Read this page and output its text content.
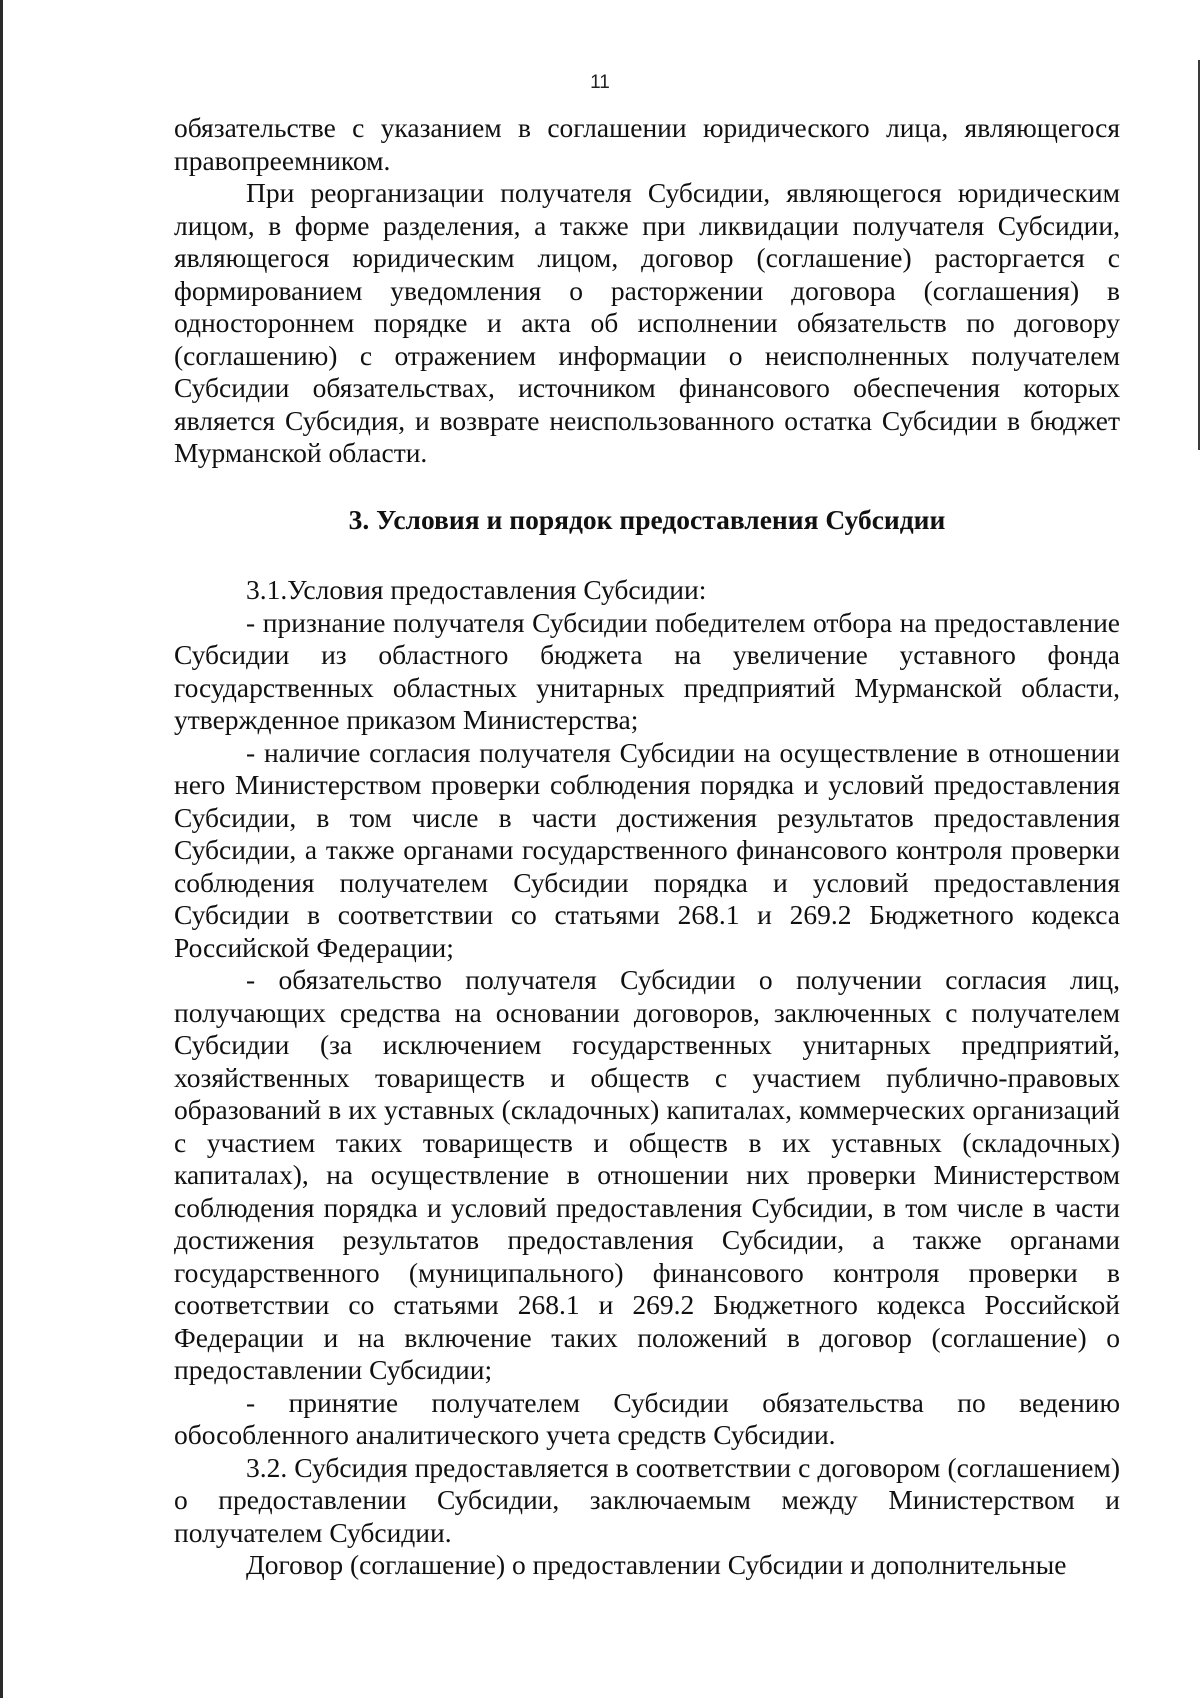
11

обязательстве с указанием в соглашении юридического лица, являющегося правопреемником.

При реорганизации получателя Субсидии, являющегося юридическим лицом, в форме разделения, а также при ликвидации получателя Субсидии, являющегося юридическим лицом, договор (соглашение) расторгается с формированием уведомления о расторжении договора (соглашения) в одностороннем порядке и акта об исполнении обязательств по договору (соглашению) с отражением информации о неисполненных получателем Субсидии обязательствах, источником финансового обеспечения которых является Субсидия, и возврате неиспользованного остатка Субсидии в бюджет Мурманской области.

3. Условия и порядок предоставления Субсидии

3.1.Условия предоставления Субсидии:

- признание получателя Субсидии победителем отбора на предоставление Субсидии из областного бюджета на увеличение уставного фонда государственных областных унитарных предприятий Мурманской области, утвержденное приказом Министерства;

- наличие согласия получателя Субсидии на осуществление в отношении него Министерством проверки соблюдения порядка и условий предоставления Субсидии, в том числе в части достижения результатов предоставления Субсидии, а также органами государственного финансового контроля проверки соблюдения получателем Субсидии порядка и условий предоставления Субсидии в соответствии со статьями 268.1 и 269.2 Бюджетного кодекса Российской Федерации;

- обязательство получателя Субсидии о получении согласия лиц, получающих средства на основании договоров, заключенных с получателем Субсидии (за исключением государственных унитарных предприятий, хозяйственных товариществ и обществ с участием публично-правовых образований в их уставных (складочных) капиталах, коммерческих организаций с участием таких товариществ и обществ в их уставных (складочных) капиталах), на осуществление в отношении них проверки Министерством соблюдения порядка и условий предоставления Субсидии, в том числе в части достижения результатов предоставления Субсидии, а также органами государственного (муниципального) финансового контроля проверки в соответствии со статьями 268.1 и 269.2 Бюджетного кодекса Российской Федерации и на включение таких положений в договор (соглашение) о предоставлении Субсидии;

- принятие получателем Субсидии обязательства по ведению обособленного аналитического учета средств Субсидии.

3.2. Субсидия предоставляется в соответствии с договором (соглашением) о предоставлении Субсидии, заключаемым между Министерством и получателем Субсидии.

Договор (соглашение) о предоставлении Субсидии и дополнительные
